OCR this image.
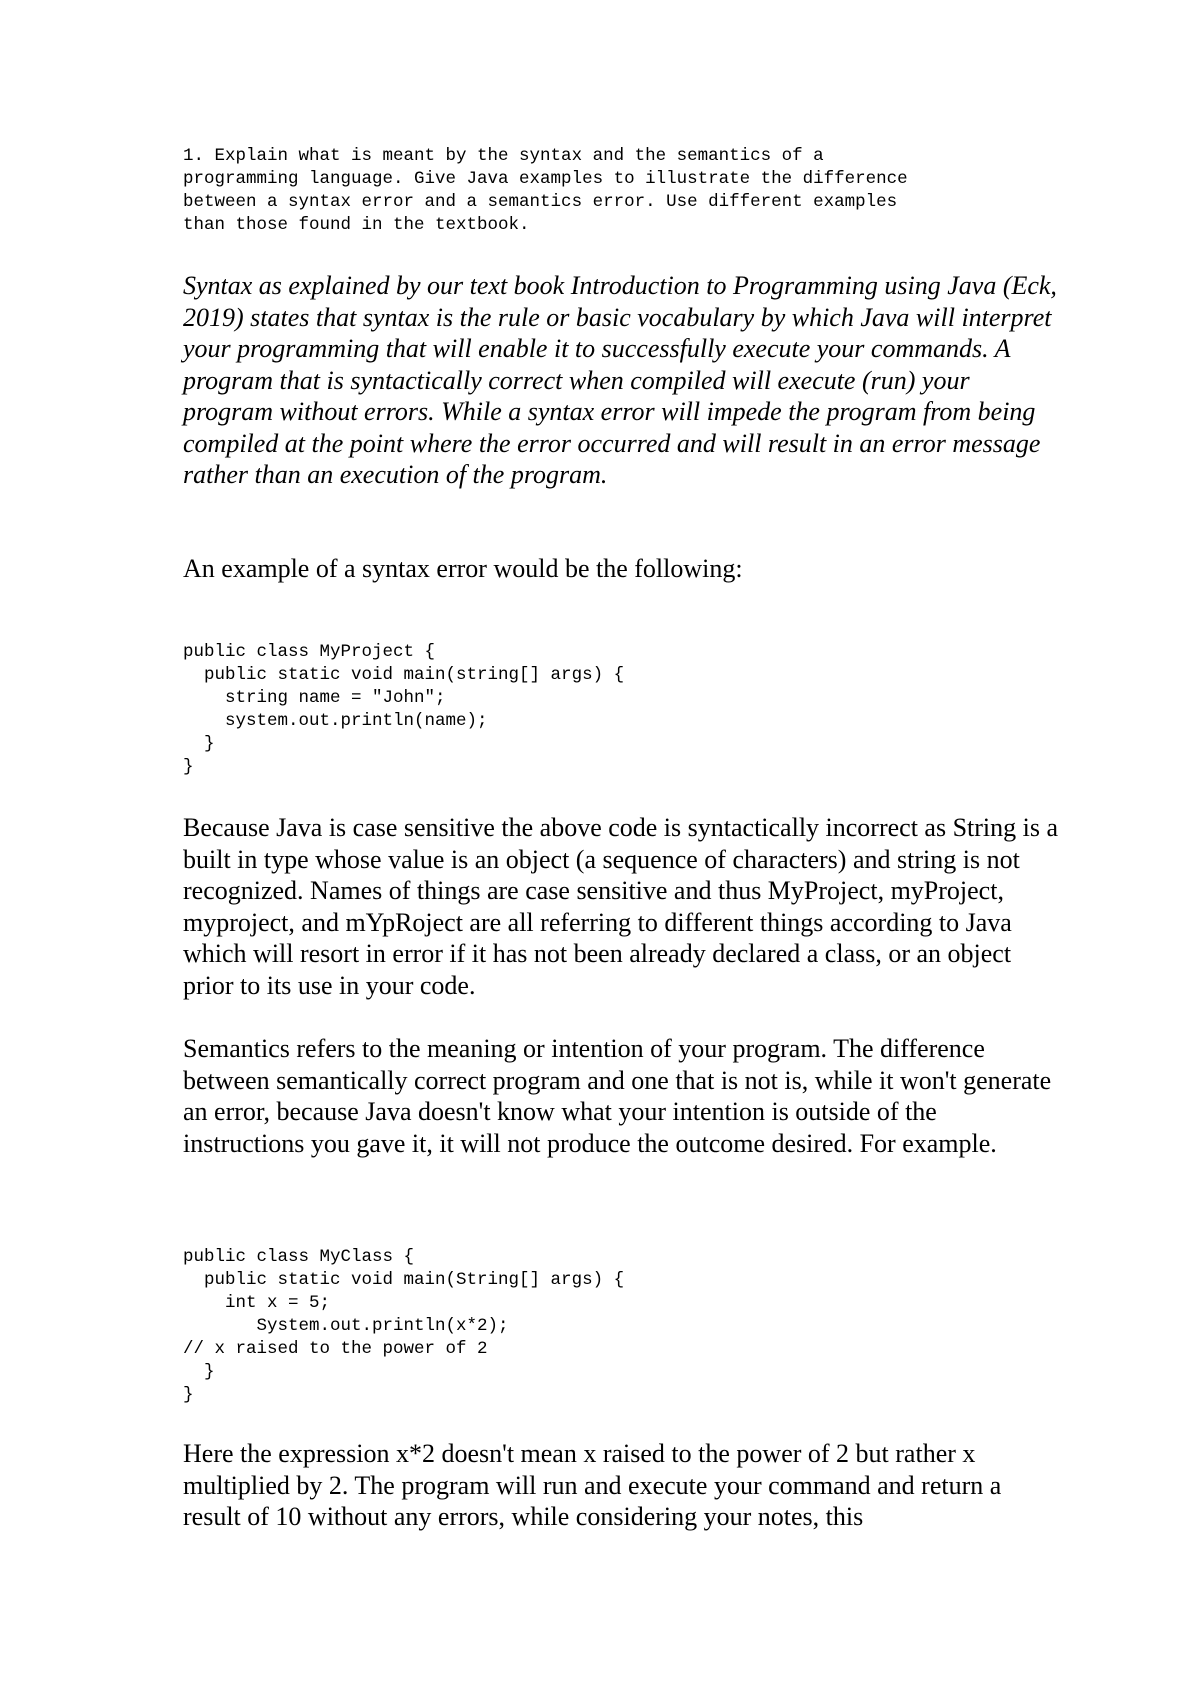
1. Explain what is meant by the syntax and the semantics of a
programming language. Give Java examples to illustrate the difference
between a syntax error and a semantics error. Use different examples
than those found in the textbook.

Syntax as explained by our text book Introduction to Programming using Java (Eck, 2019) states that syntax is the rule or basic vocabulary by which Java will interpret your programming that will enable it to successfully execute your commands. A program that is syntactically correct when compiled will execute (run) your program without errors. While a syntax error will impede the program from being compiled at the point where the error occurred and will result in an error message rather than an execution of the program.

An example of a syntax error would be the following:

public class MyProject {
public static void main(string[] args) {
string name = "John";
system.out.println(name);
}
}

Because Java is case sensitive the above code is syntactically incorrect as String is a built in type whose value is an object (a sequence of characters) and string is not recognized. Names of things are case sensitive and thus MyProject, myProject, myproject, and mYpRoject are all referring to different things according to Java which will resort in error if it has not been already declared a class, or an object prior to its use in your code.

Semantics refers to the meaning or intention of your program. The difference between semantically correct program and one that is not is, while it won't generate an error, because Java doesn't know what your intention is outside of the instructions you gave it, it will not produce the outcome desired. For example.

public class MyClass {
public static void main(String[] args) {
int x = 5;
System.out.println(x*2);
// x raised to the power of 2
}
}

Here the expression x*2 doesn't mean x raised to the power of 2 but rather x multiplied by 2. The program will run and execute your command and return a result of 10 without any errors, while considering your notes, this
